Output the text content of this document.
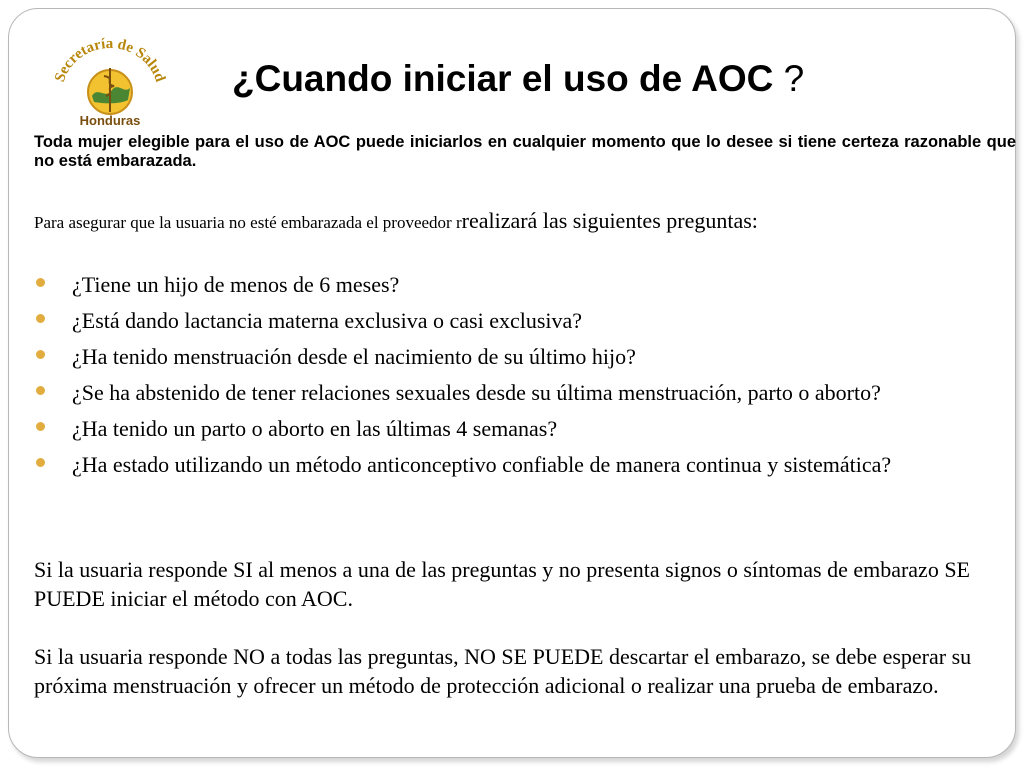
Secretaría de Salud
Honduras
¿Cuando iniciar el uso de AOC ?

Toda mujer elegible para el uso de AOC puede iniciarlos en cualquier momento que lo desee si tiene certeza razonable que no está embarazada.

Para asegurar que la usuaria no esté embarazada el proveedor rrealizará las siguientes preguntas:

¿Tiene un hijo de menos de 6 meses?
¿Está dando lactancia materna exclusiva o casi exclusiva?
¿Ha tenido menstruación desde el nacimiento de su último hijo?
¿Se ha abstenido de tener relaciones sexuales desde su última menstruación, parto o aborto?
¿Ha tenido un parto o aborto en las últimas 4 semanas?
¿Ha estado utilizando un método anticonceptivo confiable de manera continua y sistemática?

Si la usuaria responde SI al menos a una de las preguntas y no presenta signos o síntomas de embarazo SE PUEDE iniciar el método con AOC.

Si la usuaria responde NO a todas las preguntas, NO SE PUEDE descartar el embarazo, se debe esperar su próxima menstruación y ofrecer un método de protección adicional o realizar una prueba de embarazo.
